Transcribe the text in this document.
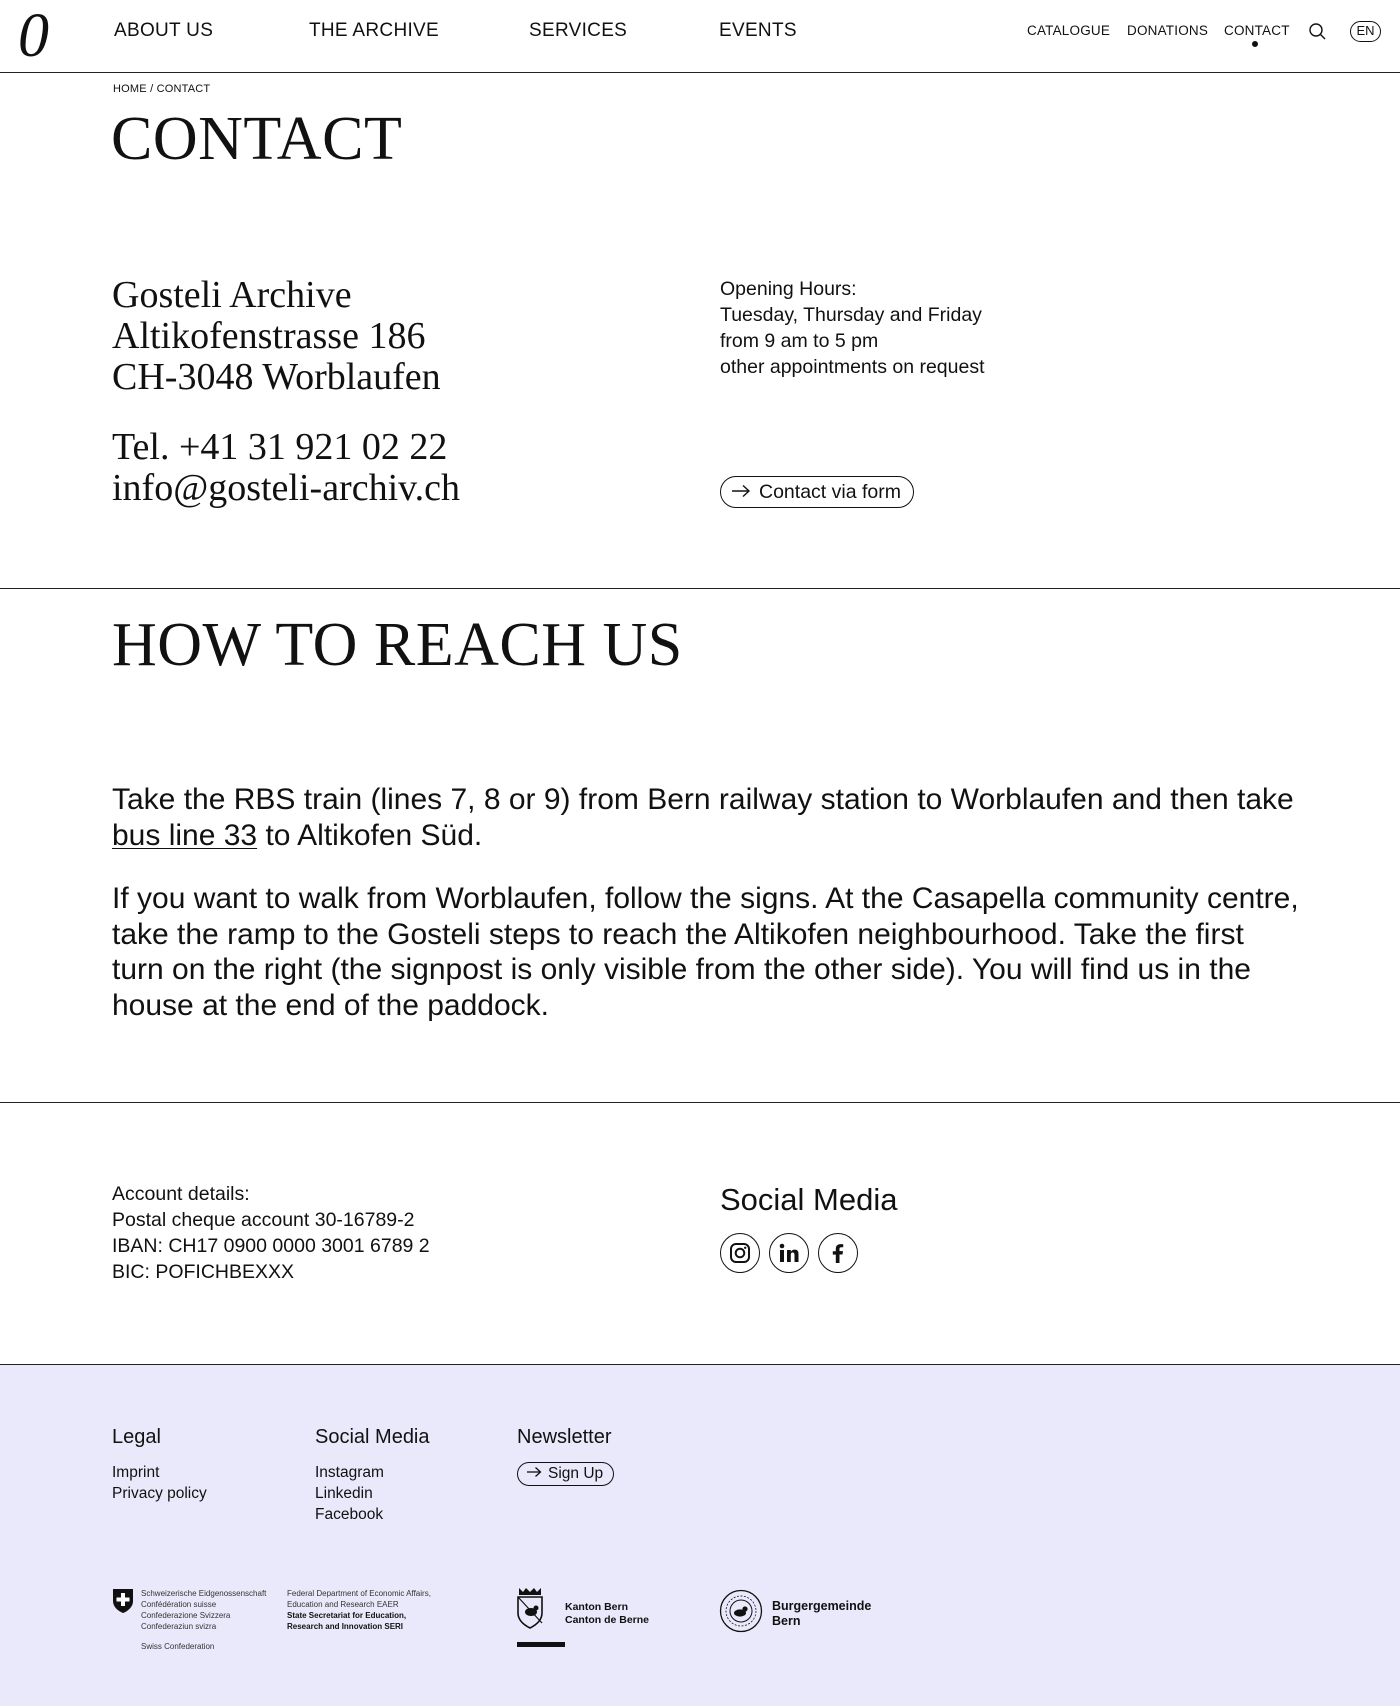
0	ABOUT US	THE ARCHIVE	SERVICES	EVENTS	CATALOGUE DONATIONS CONTACT	EN
HOME / CONTACT
CONTACT
Gosteli Archive
Altikofenstrasse 186
CH-3048 Worblaufen
Tel. +41 31 921 02 22
info@gosteli-archiv.ch
Opening Hours:
Tuesday, Thursday and Friday
from 9 am to 5 pm
other appointments on request
Contact via form
HOW TO REACH US

Take the RBS train (lines 7, 8 or 9) from Bern railway station to Worblaufen and then take bus line 33 to Altikofen Süd.

If you want to walk from Worblaufen, follow the signs. At the Casapella community centre, take the ramp to the Gosteli steps to reach the Altikofen neighbourhood. Take the first turn on the right (the signpost is only visible from the other side). You will find us in the house at the end of the paddock.

Account details:
Postal cheque account 30-16789-2
IBAN: CH17 0900 0000 3001 6789 2
BIC: POFICHBEXXX
Social Media
Legal
Imprint
Privacy policy
Social Media
Instagram
Linkedin
Facebook
Newsletter
Sign Up
Schweizerische Eidgenossenschaft
Confédération suisse
Confederazione Svizzera
Confederaziun svizra
Swiss Confederation
Federal Department of Economic Affairs,
Education and Research EAER
State Secretariat for Education,
Research and Innovation SERI
Kanton Bern
Canton de Berne
Burgergemeinde
Bern
